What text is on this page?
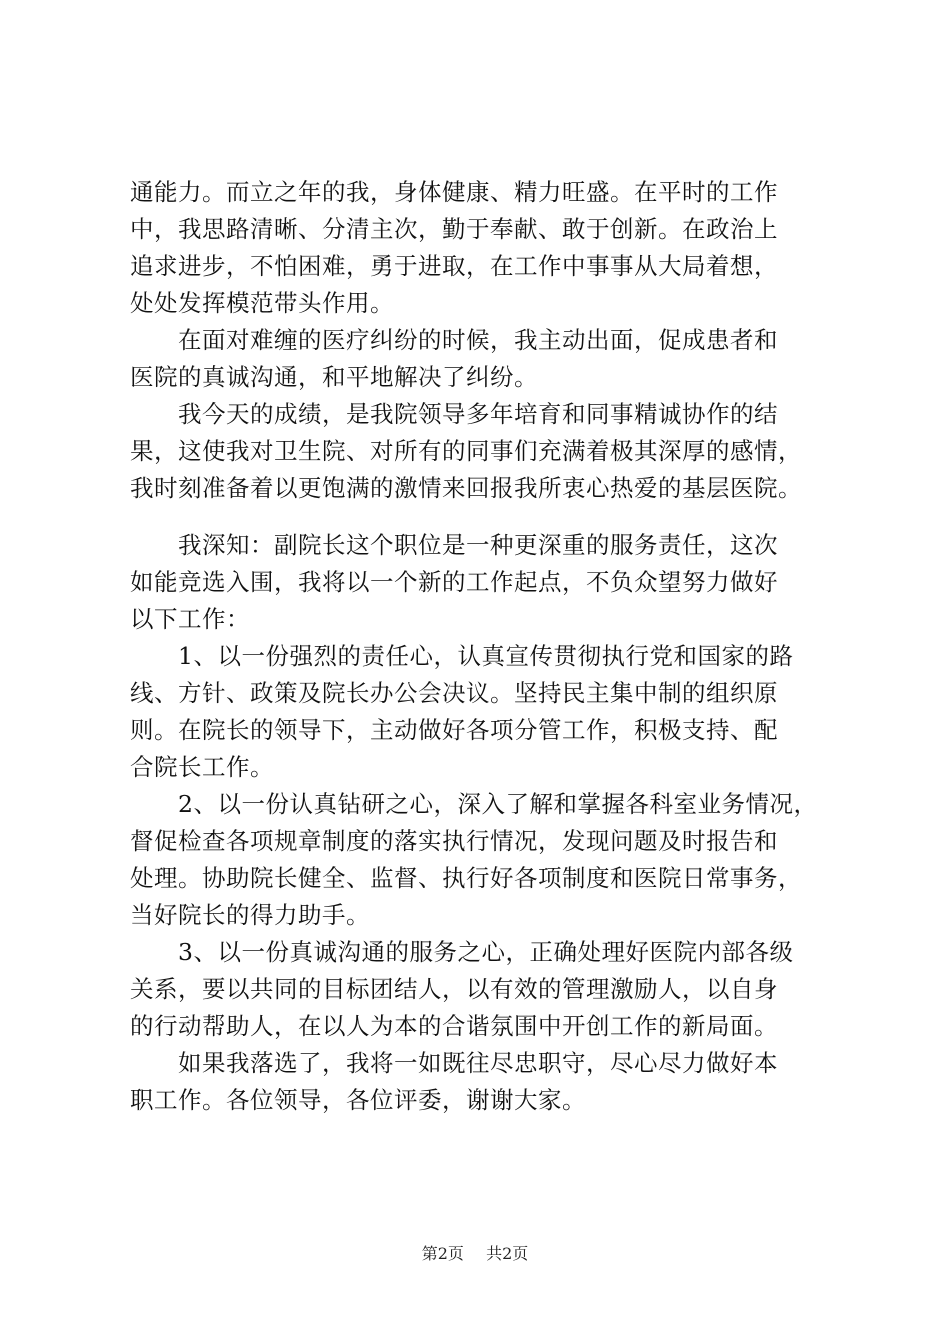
通能力。而立之年的我，身体健康、精力旺盛。在平时的工作
中，我思路清晰、分清主次，勤于奉献、敢于创新。在政治上
追求进步，不怕困难，勇于进取，在工作中事事从大局着想，
处处发挥模范带头作用。
　　在面对难缠的医疗纠纷的时候，我主动出面，促成患者和
医院的真诚沟通，和平地解决了纠纷。
　　我今天的成绩，是我院领导多年培育和同事精诚协作的结
果，这使我对卫生院、对所有的同事们充满着极其深厚的感情，
我时刻准备着以更饱满的激情来回报我所衷心热爱的基层医院。
　　我深知：副院长这个职位是一种更深重的服务责任，这次
如能竞选入围，我将以一个新的工作起点，不负众望努力做好
以下工作：
　　1、以一份强烈的责任心，认真宣传贯彻执行党和国家的路
线、方针、政策及院长办公会决议。坚持民主集中制的组织原
则。在院长的领导下，主动做好各项分管工作，积极支持、配
合院长工作。
　　2、以一份认真钻研之心，深入了解和掌握各科室业务情况，
督促检查各项规章制度的落实执行情况，发现问题及时报告和
处理。协助院长健全、监督、执行好各项制度和医院日常事务，
当好院长的得力助手。
　　3、以一份真诚沟通的服务之心，正确处理好医院内部各级
关系，要以共同的目标团结人，以有效的管理激励人，以自身
的行动帮助人，在以人为本的合谐氛围中开创工作的新局面。
　　如果我落选了，我将一如既往尽忠职守，尽心尽力做好本
职工作。各位领导，各位评委，谢谢大家。
第2页 共2页
